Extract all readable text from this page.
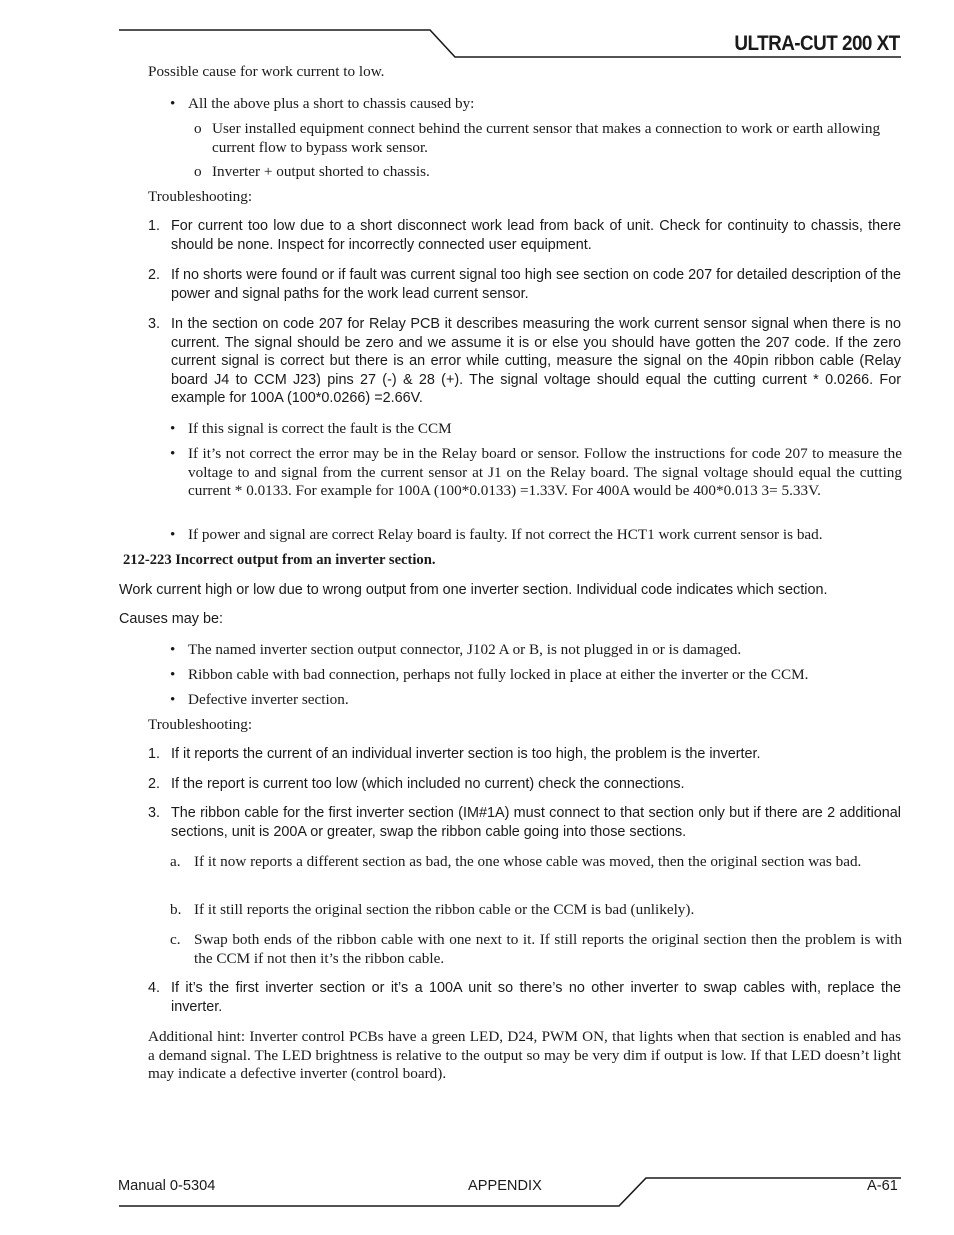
ULTRA-CUT 200 XT
Possible cause for work current to low.
• All the above plus a short to chassis caused by:
o User installed equipment connect behind the current sensor that makes a connection to work or earth allowing current flow to bypass work sensor.
o Inverter + output shorted to chassis.
Troubleshooting:
1. For current too low due to a short disconnect work lead from back of unit. Check for continuity to chassis, there should be none. Inspect for incorrectly connected user equipment.
2. If no shorts were found or if fault was current signal too high see section on code 207 for detailed description of the power and signal paths for the work lead current sensor.
3. In the section on code 207 for Relay PCB it describes measuring the work current sensor signal when there is no current. The signal should be zero and we assume it is or else you should have gotten the 207 code. If the zero current signal is correct but there is an error while cutting, measure the signal on the 40pin ribbon cable (Relay board J4 to CCM J23) pins 27 (-) & 28 (+). The signal voltage should equal the cutting current * 0.0266. For example for 100A (100*0.0266) =2.66V.
• If this signal is correct the fault is the CCM
• If it’s not correct the error may be in the Relay board or sensor. Follow the instructions for code 207 to measure the voltage to and signal from the current sensor at J1 on the Relay board. The signal voltage should equal the cutting current * 0.0133. For example for 100A (100*0.0133) =1.33V. For 400A would be 400*0.013 3= 5.33V.
• If power and signal are correct Relay board is faulty. If not correct the HCT1 work current sensor is bad.
212-223 Incorrect output from an inverter section.
Work current high or low due to wrong output from one inverter section. Individual code indicates which section.
Causes may be:
• The named inverter section output connector, J102 A or B, is not plugged in or is damaged.
• Ribbon cable with bad connection, perhaps not fully locked in place at either the inverter or the CCM.
• Defective inverter section.
Troubleshooting:
1. If it reports the current of an individual inverter section is too high, the problem is the inverter.
2. If the report is current too low (which included no current) check the connections.
3. The ribbon cable for the first inverter section (IM#1A) must connect to that section only but if there are 2 additional sections, unit is 200A or greater, swap the ribbon cable going into those sections.
a. If it now reports a different section as bad, the one whose cable was moved, then the original section was bad.
b. If it still reports the original section the ribbon cable or the CCM is bad (unlikely).
c. Swap both ends of the ribbon cable with one next to it. If still reports the original section then the problem is with the CCM if not then it’s the ribbon cable.
4. If it’s the first inverter section or it’s a 100A unit so there’s no other inverter to swap cables with, replace the inverter.
Additional hint: Inverter control PCBs have a green LED, D24, PWM ON, that lights when that section is enabled and has a demand signal. The LED brightness is relative to the output so may be very dim if output is low. If that LED doesn’t light may indicate a defective inverter (control board).
Manual 0-5304	APPENDIX	A-61
